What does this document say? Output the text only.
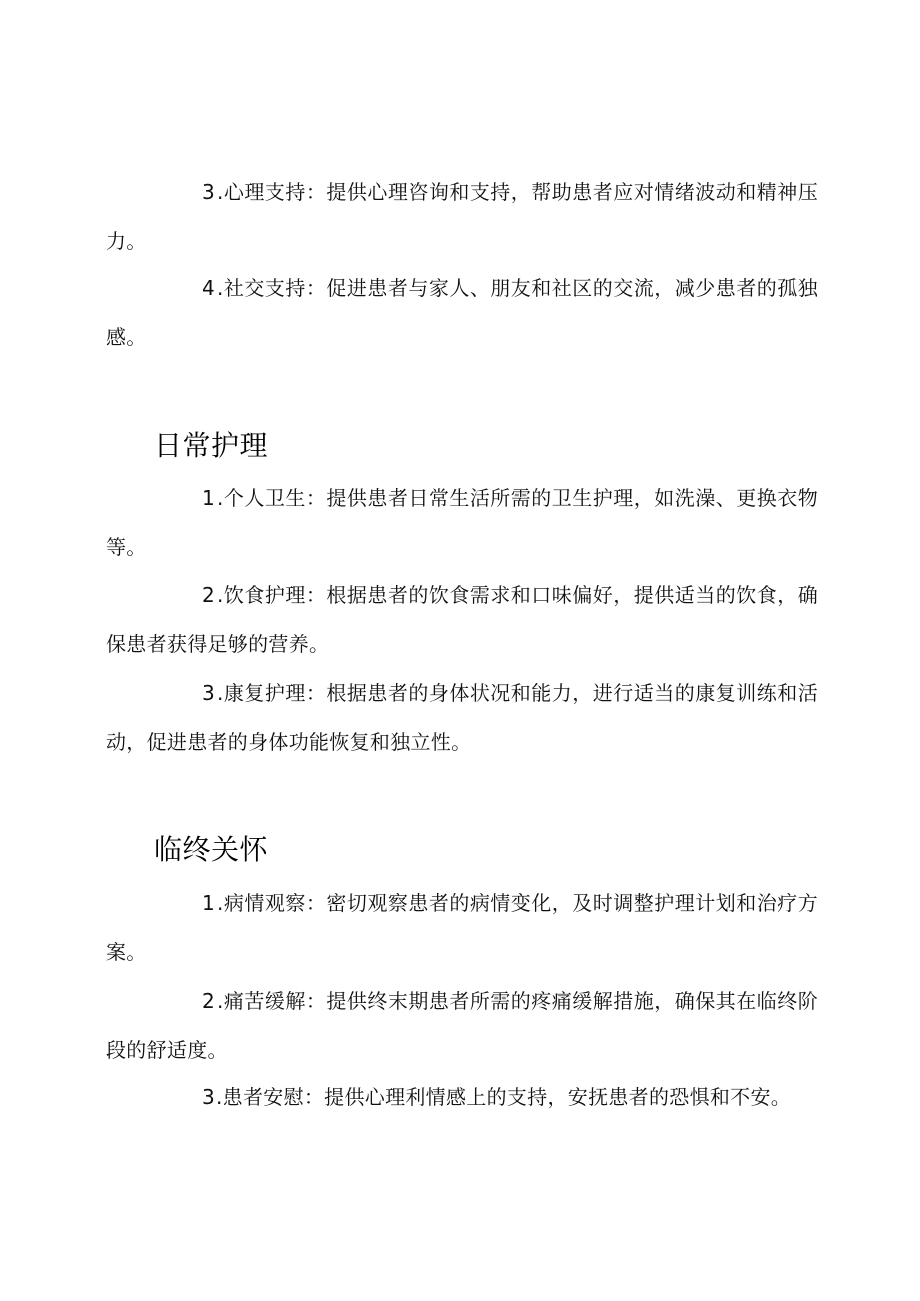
3 .心理支持：提供心理咨询和支持，帮助患者应对情绪波动和精神压力。

4 .社交支持：促进患者与家人、朋友和社区的交流，减少患者的孤独感。

日常护理

1 .个人卫生：提供患者日常生活所需的卫生护理，如洗澡、更换衣物等。

2 .饮食护理：根据患者的饮食需求和口味偏好，提供适当的饮食，确保患者获得足够的营养。

3 .康复护理：根据患者的身体状况和能力，进行适当的康复训练和活动，促进患者的身体功能恢复和独立性。

临终关怀

1 .病情观察：密切观察患者的病情变化，及时调整护理计划和治疗方案。

2 .痛苦缓解：提供终末期患者所需的疼痛缓解措施，确保其在临终阶段的舒适度。

3.患者安慰：提供心理利情感上的支持，安抚患者的恐惧和不安。
